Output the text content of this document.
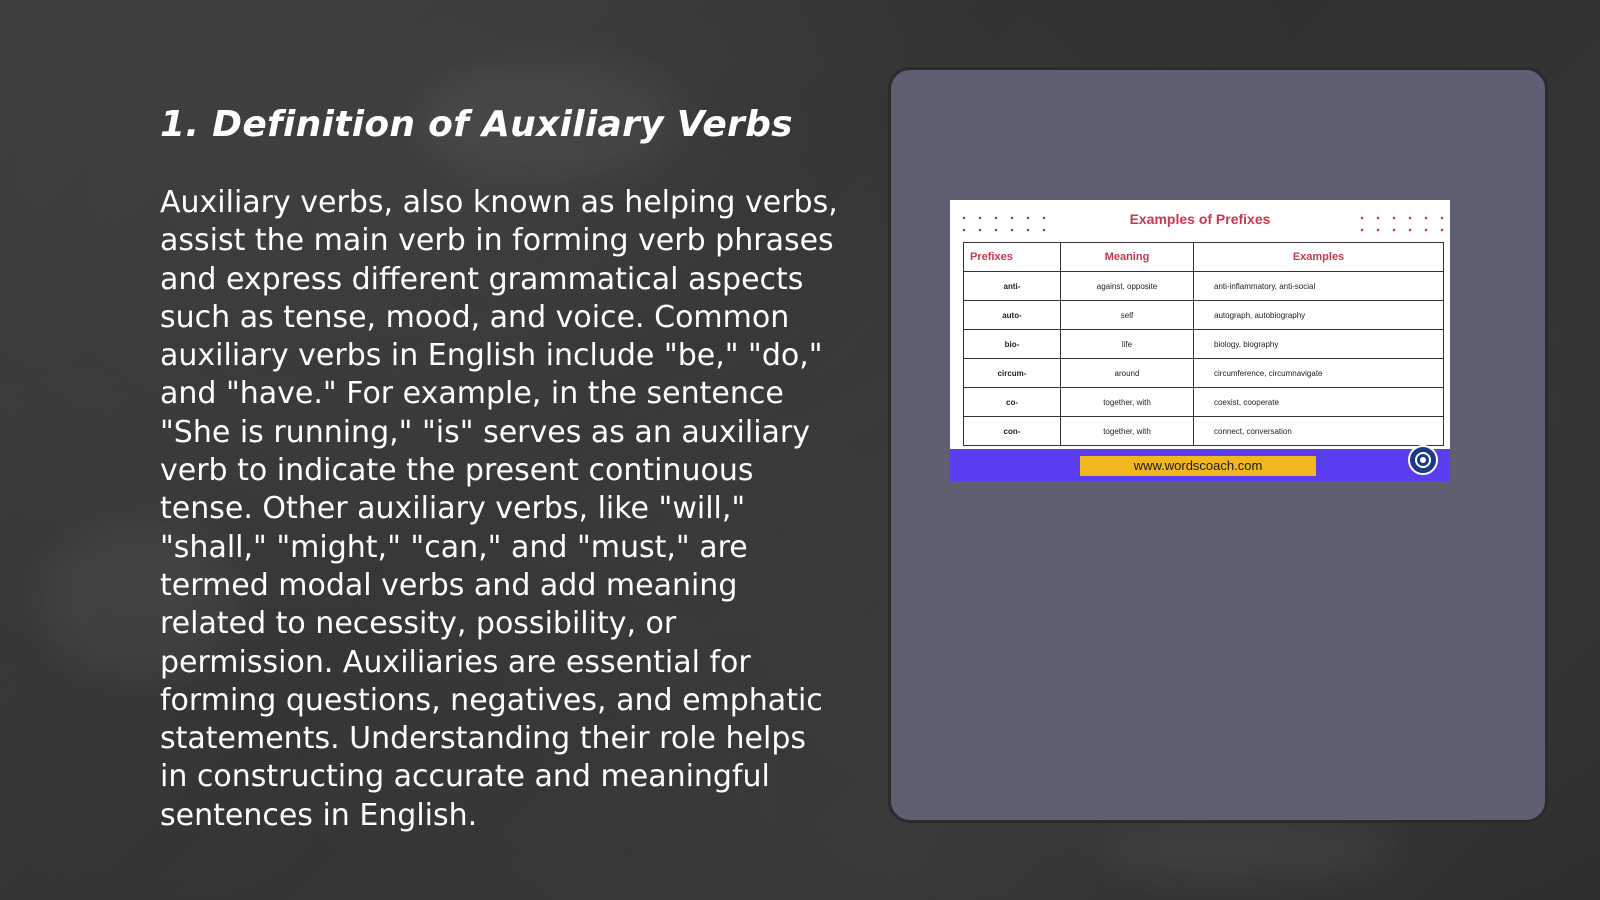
1. Definition of Auxiliary Verbs

Auxiliary verbs, also known as helping verbs, assist the main verb in forming verb phrases and express different grammatical aspects such as tense, mood, and voice. Common auxiliary verbs in English include "be," "do," and "have." For example, in the sentence "She is running," "is" serves as an auxiliary verb to indicate the present continuous tense. Other auxiliary verbs, like "will," "shall," "might," "can," and "must," are termed modal verbs and add meaning related to necessity, possibility, or permission. Auxiliaries are essential for forming questions, negatives, and emphatic statements. Understanding their role helps in constructing accurate and meaningful sentences in English.

Examples of Prefixes
Prefixes	Meaning	Examples
anti-	against, opposite	anti-inflammatory, anti-social
auto-	self	autograph, autobiography
bio-	life	biology, biography
circum-	around	circumference, circumnavigate
co-	together, with	coexist, cooperate
con-	together, with	connect, conversation
www.wordscoach.com
